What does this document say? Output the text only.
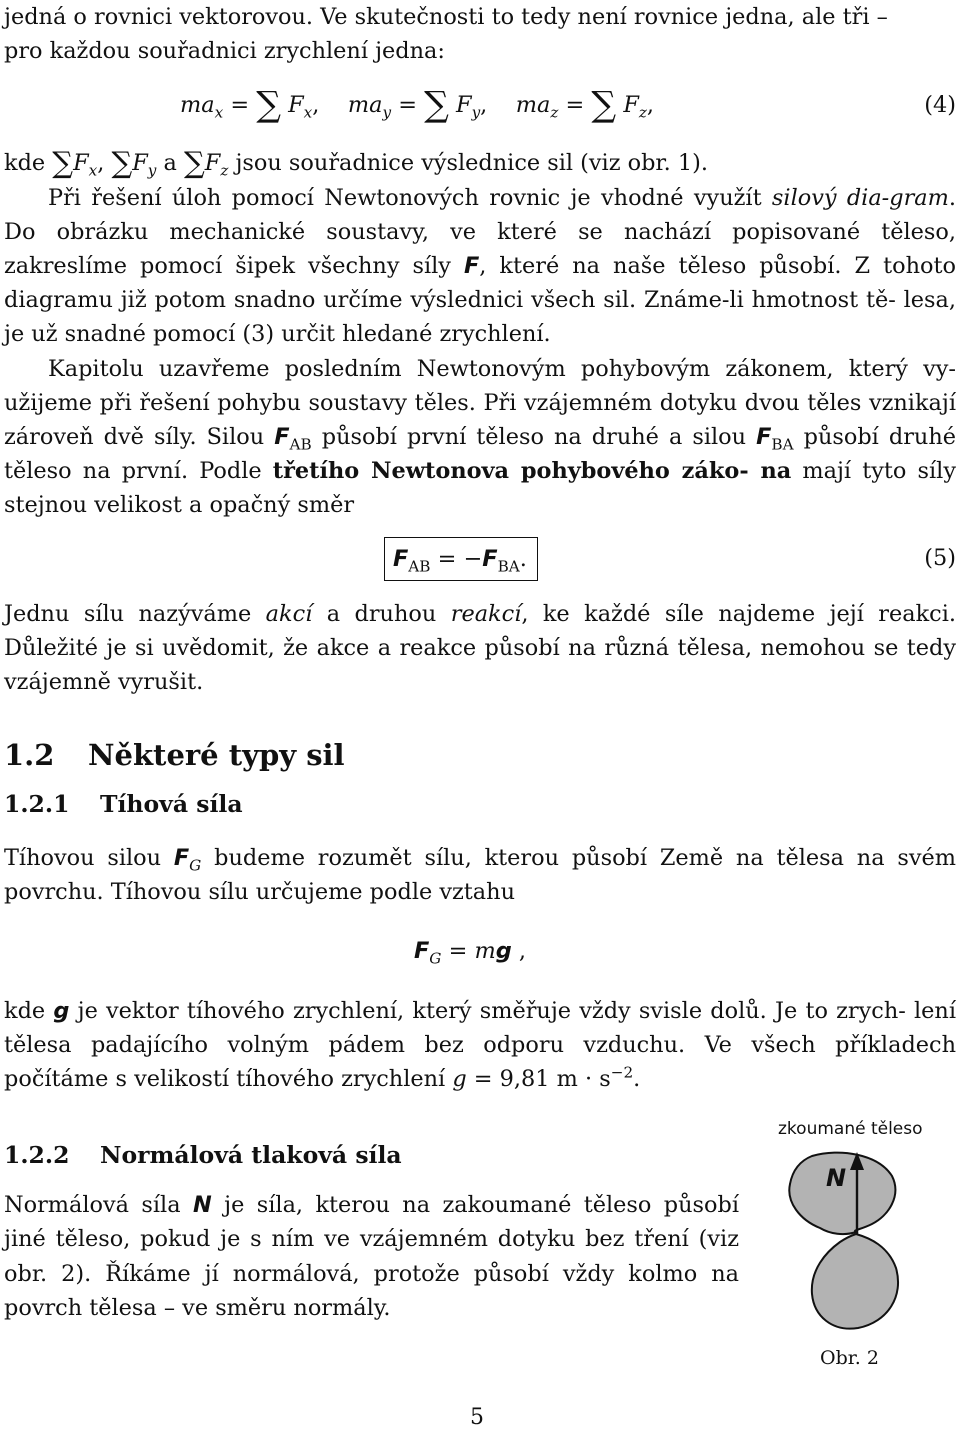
jedná o rovnici vektorovou. Ve skutečnosti to tedy není rovnice jedna, ale tři –
pro každou souřadnici zrychlení jedna:

$ma_x$ = ∑ $F_x$, $ma_y$ = ∑ $F_y$, $ma_z$ = ∑ $F_z$,	(4)

kde $\sum F_x$, $\sum F_y$ a $\sum F_z$ jsou souřadnice výslednice sil (viz obr. 1).

Při řešení úloh pomocí Newtonových rovnic je vhodné využít silový dia-gram. Do obrázku mechanické soustavy, ve které se nachází popisované těleso, zakreslíme pomocí šipek všechny síly F, které na naše těleso působí. Z tohoto diagramu již potom snadno určíme výslednici všech sil. Známe-li hmotnost tě- lesa, je už snadné pomocí (3) určit hledané zrychlení.

Kapitolu uzavřeme posledním Newtonovým pohybovým zákonem, který vy- užijeme při řešení pohybu soustavy těles. Při vzájemném dotyku dvou těles vznikají zároveň dvě síly. Silou $F_{AB}$ působí první těleso na druhé a silou $F_{BA}$ působí druhé těleso na první. Podle třetího Newtonova pohybového záko- na mají tyto síly stejnou velikost a opačný směr

$F_{AB} = -F_{BA}$.	(5)

Jednu sílu nazýváme akcí a druhou reakcí, ke každé síle najdeme její reakci. Důležité je si uvědomit, že akce a reakce působí na různá tělesa, nemohou se tedy vzájemně vyrušit.

1.2 Některé typy sil
1.2.1 Tíhová síla

Tíhovou silou $F_G$ budeme rozumět sílu, kterou působí Země na tělesa na svém povrchu. Tíhovou sílu určujeme podle vztahu

$F_G$ = mg ,

kde g je vektor tíhového zrychlení, který směřuje vždy svisle dolů. Je to zrych- lení tělesa padajícího volným pádem bez odporu vzduchu. Ve všech příkladech počítáme s velikostí tíhového zrychlení g = 9,81 $m \cdot s^{-2}$.

1.2.2 Normálová tlaková síla

Normálová síla N je síla, kterou na zakoumané těleso působí jiné těleso, pokud je s ním ve vzájemném dotyku bez tření (viz obr. 2). Říkáme jí normálová, protože působí vždy kolmo na povrch tělesa – ve směru normály.

zkoumané těleso
N
Obr. 2
5
